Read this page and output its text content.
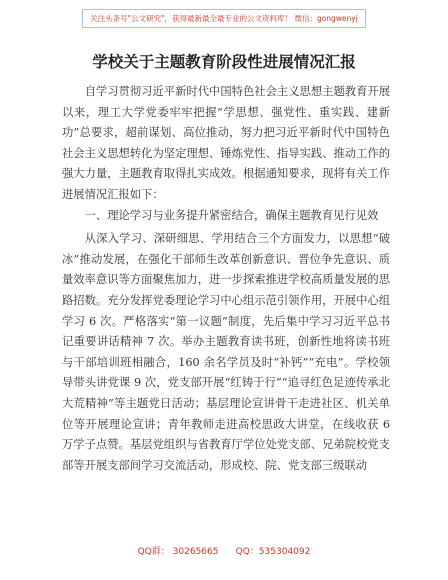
关注头条号"公文研究"，获得最新最全最专业的公文资料库！ 微信：gongwenyj
学校关于主题教育阶段性进展情况汇报

自学习贯彻习近平新时代中国特色社会主义思想主题教育开展以来，理工大学党委牢牢把握“学思想、强党性、重实践、建新功”总要求，超前谋划、高位推动，努力把习近平新时代中国特色社会主义思想转化为坚定理想、锤炼党性、指导实践、推动工作的强大力量，主题教育取得扎实成效。根据通知要求，现将有关工作进展情况汇报如下：

一、理论学习与业务提升紧密结合，确保主题教育见行见效

从深入学习、深研细思、学用结合三个方面发力，以思想“破冰”推动发展，在强化干部师生改革创新意识、晋位争先意识、质量效率意识等方面聚焦加力，进一步探索推进学校高质量发展的思路招数。充分发挥党委理论学习中心组示范引领作用，开展中心组学习 6 次。严格落实“第一议题”制度，先后集中学习习近平总书记重要讲话精神 7 次。举办主题教育读书班，创新性地将读书班与干部培训班相融合，160 余名学员及时“补钙”“充电”。学校领导带头讲党课 9 次，党支部开展“红铸于行”“追寻红色足迹传承北大荒精神”等主题党日活动；基层理论宣讲骨干走进社区、机关单位等开展理论宣讲；青年教师走进高校思政大讲堂，在线收获 6 万学子点赞。基层党组织与省教育厅学位处党支部、兄弟院校党支部等开展支部间学习交流活动，形成校、院、党支部三级联动

QQ群： 30265665      QQ：535304092
